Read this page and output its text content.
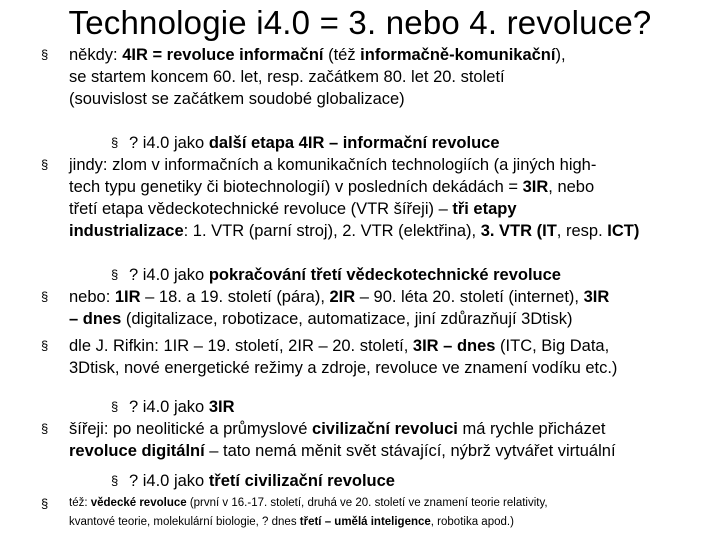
Technologie i4.0 = 3. nebo 4. revoluce?
§ někdy: 4IR = revoluce informační (též informačně-komunikační),
se startem koncem 60. let, resp. začátkem 80. let 20. století
(souvislost se začátkem soudobé globalizace)
§ ? i4.0 jako další etapa 4IR – informační revoluce
§ jindy: zlom v informačních a komunikačních technologiích (a jiných high-
tech typu genetiky či biotechnologií) v posledních dekádách = 3IR, nebo
třetí etapa vědeckotechnické revoluce (VTR šířeji) – tři etapy
industrializace: 1. VTR (parní stroj), 2. VTR (elektřina), 3. VTR (IT, resp. ICT)
§ ? i4.0 jako pokračování třetí vědeckotechnické revoluce
§ nebo: 1IR – 18. a 19. století (pára), 2IR – 90. léta 20. století (internet), 3IR
– dnes (digitalizace, robotizace, automatizace, jiní zdůrazňují 3Dtisk)
§ dle J. Rifkin: 1IR – 19. století, 2IR – 20. století, 3IR – dnes (ITC, Big Data,
3Dtisk, nové energetické režimy a zdroje, revoluce ve znamení vodíku etc.)
§ ? i4.0 jako 3IR
§ šířeji: po neolitické a průmyslové civilizační revoluci má rychle přicházet
revoluce digitální – tato nemá měnit svět stávající, nýbrž vytvářet virtuální
§ ? i4.0 jako třetí civilizační revoluce
§ též: vědecké revoluce (první v 16.-17. století, druhá ve 20. století ve znamení teorie relativity,
kvantové teorie, molekulární biologie, ? dnes třetí – umělá inteligence, robotika apod.)
